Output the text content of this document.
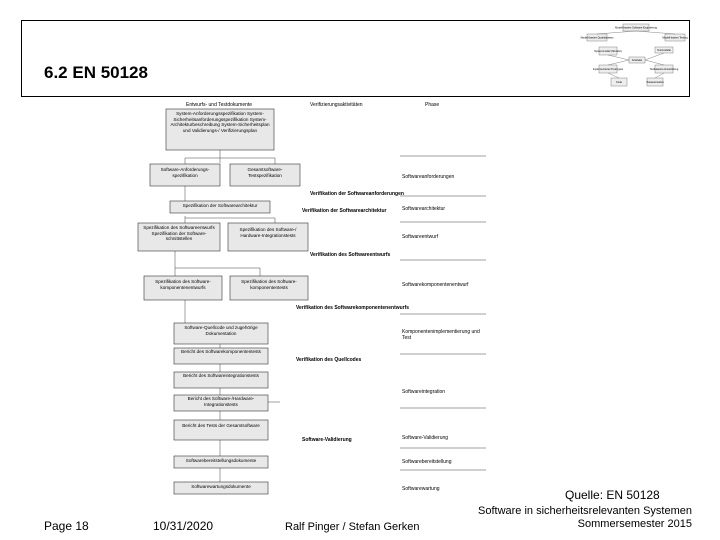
6.2 EN 50128
Modell-basiert Software Engineering
Modell-basiert Qualitätstests	Modell-basiert Testing
Systemmodell (Struktur)	Testmodelle
Artefakte
Implementierte Prototypen	Testbasierte Entwicklung
Code	Testautomation
Entwurfs- und Testdokumente	Verifizierungsaktivitäten	Phase
System-Anforderungsspezifikation System-Sicherheitsanforderungsspezifikation System-Architekturbeschreibung System-Sicherheitsplan und Validierungs-/ Verifizierungsplan
Software-Anforderungs-spezifikation
Gesamtsoftware-Testspezifikation
Spezifikation der Softwarearchitektur
Spezifikation des Softwareentwurfs Spezifikation der Software-schnittstellen
Spezifikation des Software-/ Hardware-Integrationstests
Spezifikation des Software-komponentenentwurfs
Spezifikation des Software-komponententests
Software-Quellcode und zugehörige Dokumentation
Bericht des Softwarekomponententests
Bericht des Softwareintegrationstests
Bericht des Software-/Hardware-Integrationstests
Bericht des Tests der Gesamtsoftware
Softwarebereitstellungsdokumente
Softwarewartungsdokumente
Verifikation der Softwareanforderungen
Verifikation der Softwarearchitektur
Verifikation des Softwareentwurfs
Verifikation des Softwarekomponentenentwurfs
Verifikation des Quellcodes
Software-Validierung
Softwareanforderungen
Softwarearchitektur
Softwareentwurf
Softwarekomponentenentwurf
Komponentenimplementierung und Test
Softwareintegration
Software-Validierung
Softwarebereitstellung
Softwarewartung	Quelle: EN 50128
Page 18	10/31/2020	Ralf Pinger / Stefan Gerken
Software in sicherheitsrelevanten Systemen
Sommersemester 2015
